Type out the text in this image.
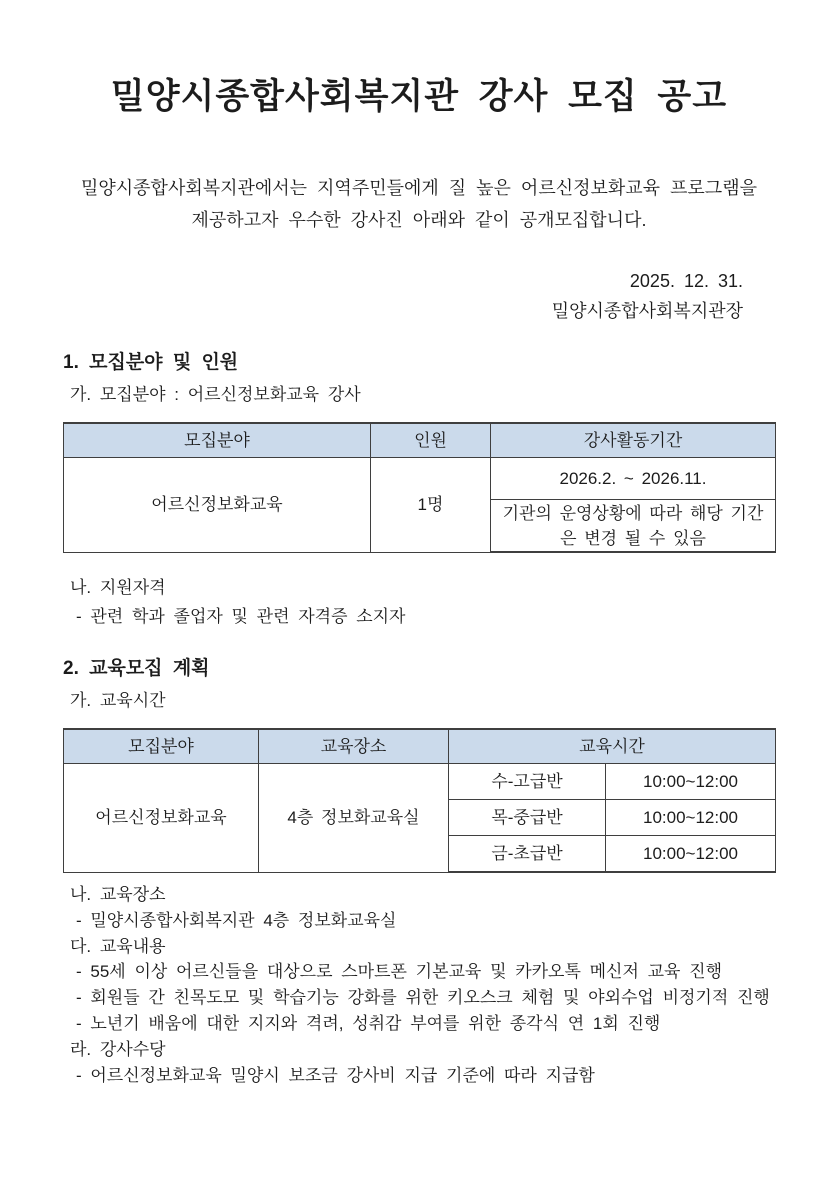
밀양시종합사회복지관 강사 모집 공고
밀양시종합사회복지관에서는 지역주민들에게 질 높은 어르신정보화교육 프로그램을
제공하고자 우수한 강사진 아래와 같이 공개모집합니다.
2025. 12. 31.
밀양시종합사회복지관장
1. 모집분야 및 인원
가. 모집분야 : 어르신정보화교육 강사
모집분야	인원	강사활동기간
어르신정보화교육	1명	2026.2. ~ 2026.11.
		기관의 운영상황에 따라 해당 기간은 변경 될 수 있음
나. 지원자격
- 관련 학과 졸업자 및 관련 자격증 소지자
2. 교육모집 계획
가. 교육시간
모집분야	교육장소	교육시간	
어르신정보화교육	4층 정보화교육실	수-고급반	10:00~12:00
		목-중급반	10:00~12:00
		금-초급반	10:00~12:00
나. 교육장소
- 밀양시종합사회복지관 4층 정보화교육실
다. 교육내용
- 55세 이상 어르신들을 대상으로 스마트폰 기본교육 및 카카오톡 메신저 교육 진행
- 회원들 간 친목도모 및 학습기능 강화를 위한 키오스크 체험 및 야외수업 비정기적 진행
- 노년기 배움에 대한 지지와 격려, 성취감 부여를 위한 종각식 연 1회 진행
라. 강사수당
- 어르신정보화교육 밀양시 보조금 강사비 지급 기준에 따라 지급함
